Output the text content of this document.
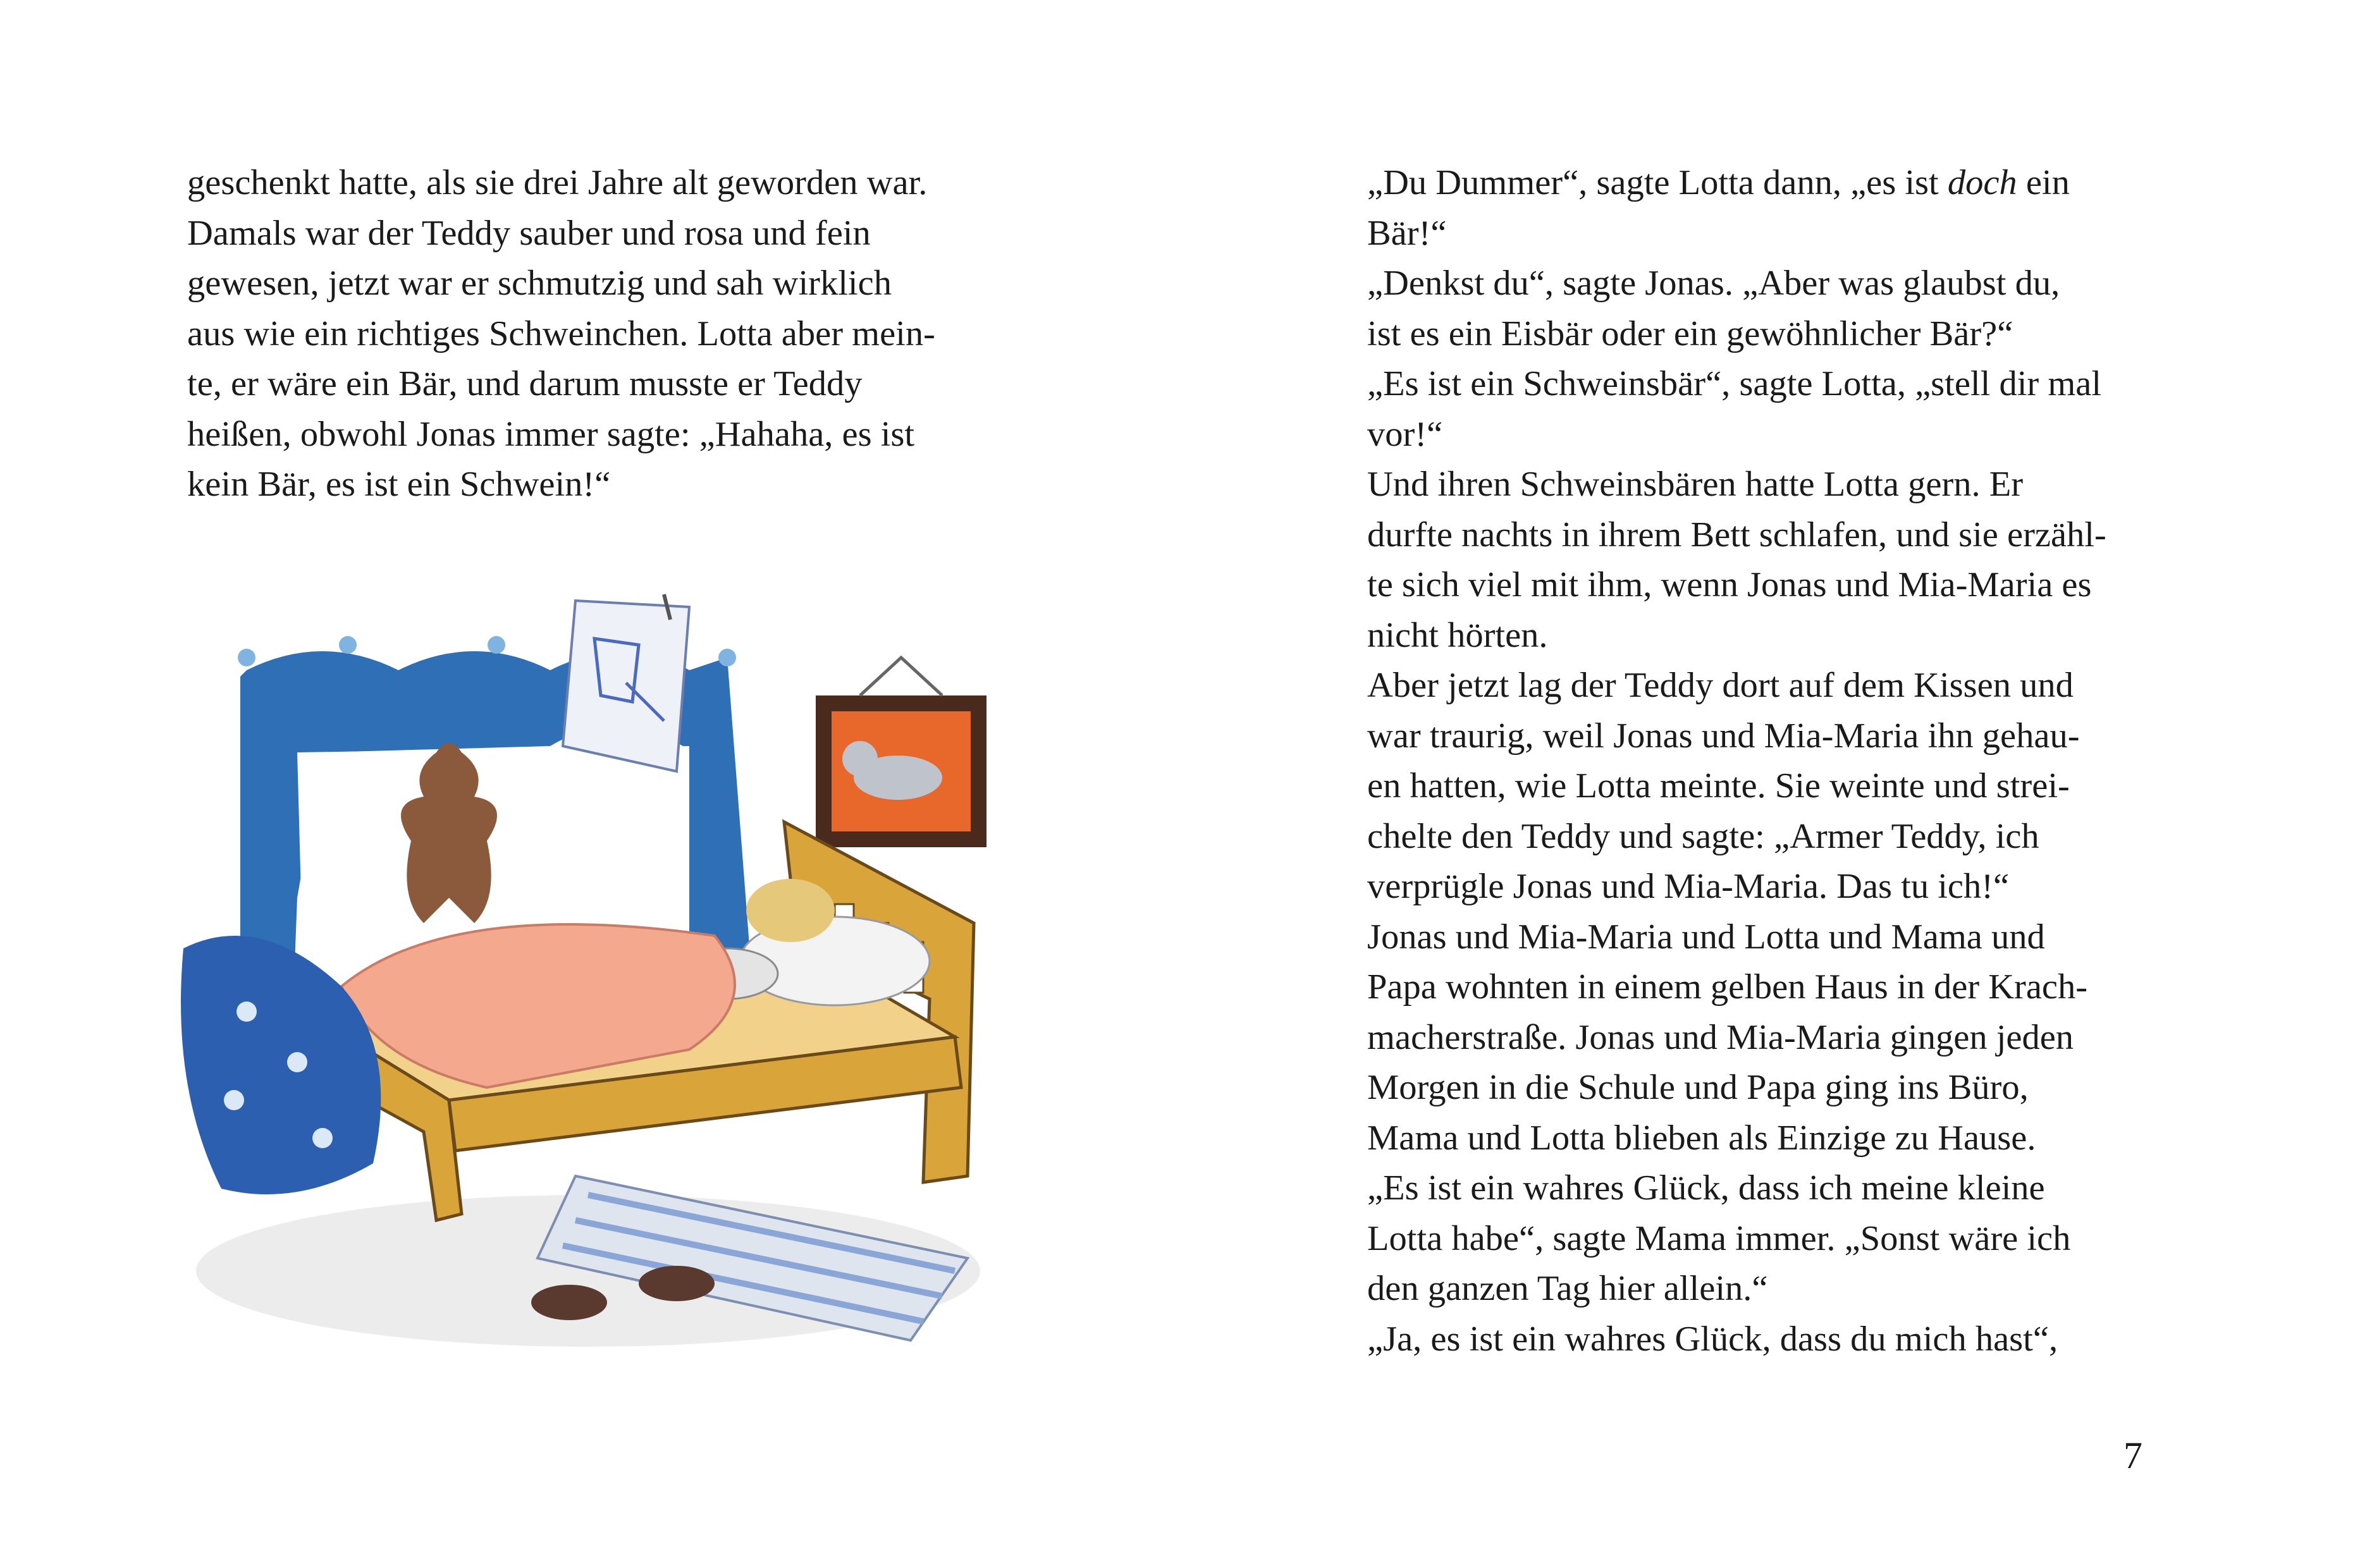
geschenkt hatte, als sie drei Jahre alt geworden war.
Damals war der Teddy sauber und rosa und fein
gewesen, jetzt war er schmutzig und sah wirklich
aus wie ein richtiges Schweinchen. Lotta aber mein-
te, er wäre ein Bär, und darum musste er Teddy
heißen, obwohl Jonas immer sagte: „Hahaha, es ist
kein Bär, es ist ein Schwein!“
„Du Dummer“, sagte Lotta dann, „es ist doch ein
Bär!“
„Denkst du“, sagte Jonas. „Aber was glaubst du,
ist es ein Eisbär oder ein gewöhnlicher Bär?“
„Es ist ein Schweinsbär“, sagte Lotta, „stell dir mal
vor!“
Und ihren Schweinsbären hatte Lotta gern. Er
durfte nachts in ihrem Bett schlafen, und sie erzähl-
te sich viel mit ihm, wenn Jonas und Mia-Maria es
nicht hörten.
Aber jetzt lag der Teddy dort auf dem Kissen und
war traurig, weil Jonas und Mia-Maria ihn gehau-
en hatten, wie Lotta meinte. Sie weinte und strei-
chelte den Teddy und sagte: „Armer Teddy, ich
verprügle Jonas und Mia-Maria. Das tu ich!“
Jonas und Mia-Maria und Lotta und Mama und
Papa wohnten in einem gelben Haus in der Krach-
macherstraße. Jonas und Mia-Maria gingen jeden
Morgen in die Schule und Papa ging ins Büro,
Mama und Lotta blieben als Einzige zu Hause.
„Es ist ein wahres Glück, dass ich meine kleine
Lotta habe“, sagte Mama immer. „Sonst wäre ich
den ganzen Tag hier allein.“
„Ja, es ist ein wahres Glück, dass du mich hast“,
7
